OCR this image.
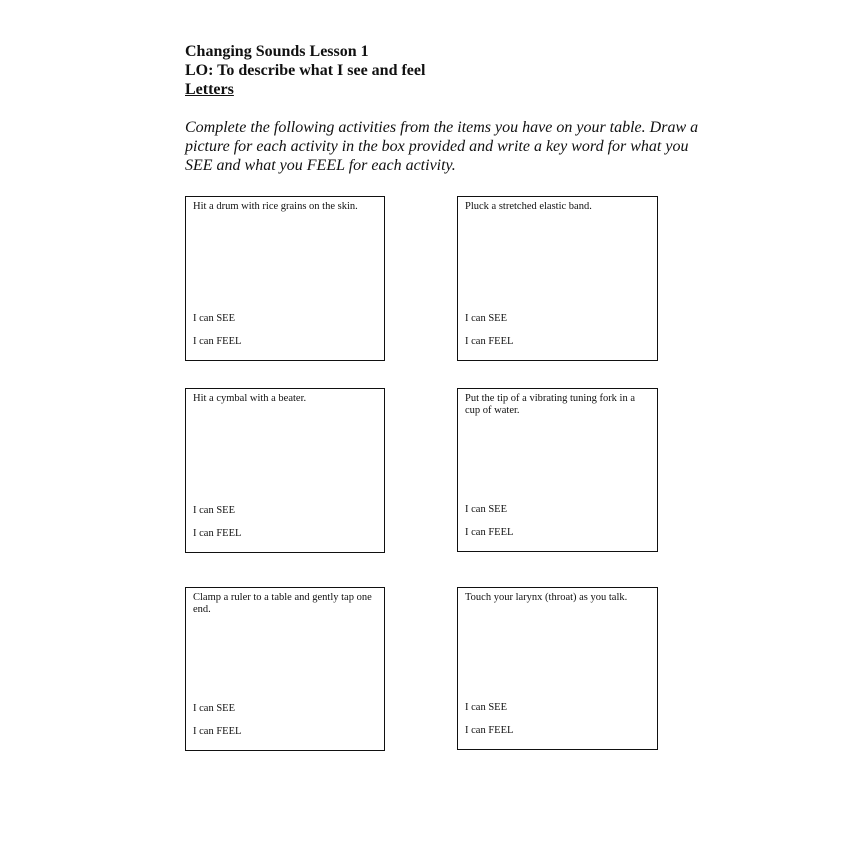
Changing Sounds Lesson 1
LO: To describe what I see and feel
Letters
Complete the following activities from the items you have on your table. Draw a picture for each activity in the box provided and write a key word for what you SEE and what you FEEL for each activity.
Hit a drum with rice grains on the skin.
I can SEE
I can FEEL
Pluck a stretched elastic band.
I can SEE
I can FEEL
Hit a cymbal with a beater.
I can SEE
I can FEEL
Put the tip of a vibrating tuning fork in a cup of water.
I can SEE
I can FEEL
Clamp a ruler to a table and gently tap one end.
I can SEE
I can FEEL
Touch your larynx (throat) as you talk.
I can SEE
I can FEEL
